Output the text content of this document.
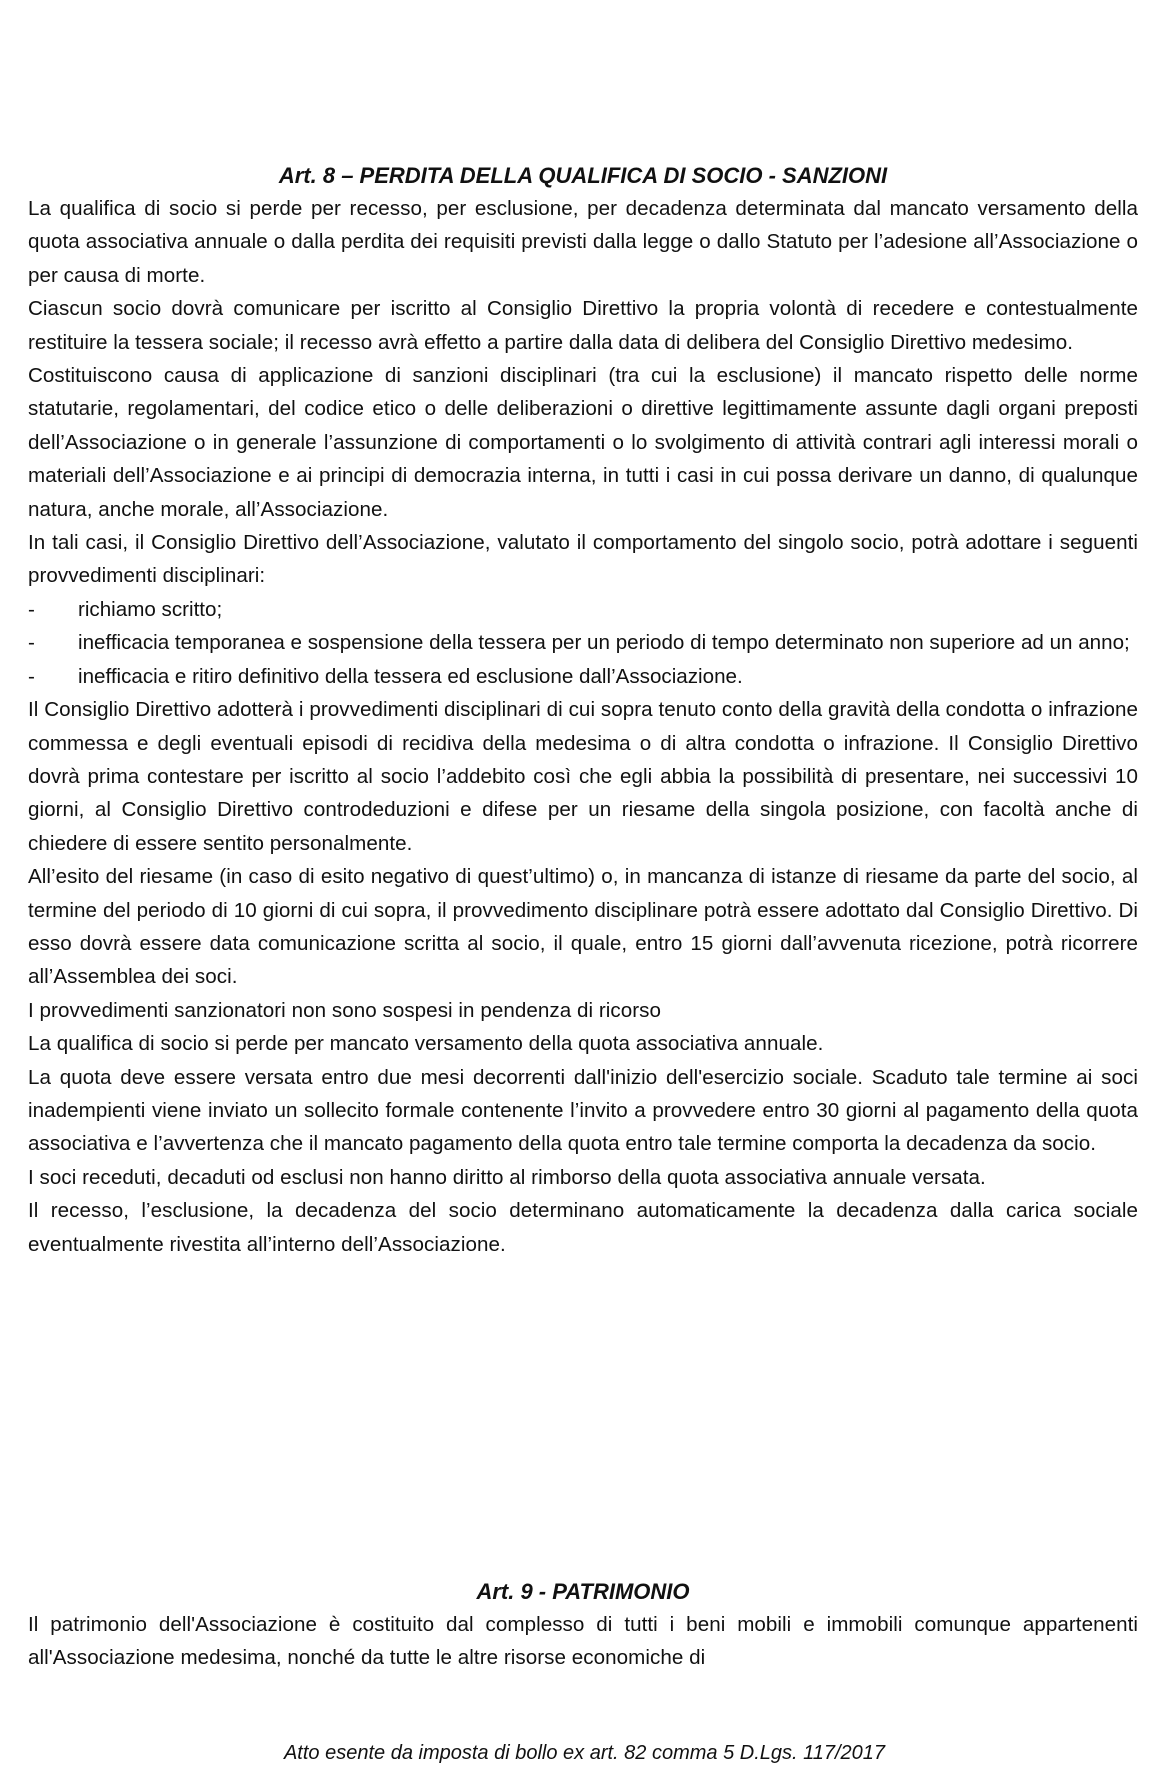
Art. 8 – PERDITA DELLA QUALIFICA DI SOCIO - SANZIONI

La qualifica di socio si perde per recesso, per esclusione, per decadenza determinata dal mancato versamento della quota associativa annuale o dalla perdita dei requisiti previsti dalla legge o dallo Statuto per l’adesione all’Associazione o per causa di morte.

Ciascun socio dovrà comunicare per iscritto al Consiglio Direttivo la propria volontà di recedere e contestualmente restituire la tessera sociale; il recesso avrà effetto a partire dalla data di delibera del Consiglio Direttivo medesimo.

Costituiscono causa di applicazione di sanzioni disciplinari (tra cui la esclusione) il mancato rispetto delle norme statutarie, regolamentari, del codice etico o delle deliberazioni o direttive legittimamente assunte dagli organi preposti dell’Associazione o in generale l’assunzione di comportamenti o lo svolgimento di attività contrari agli interessi morali o materiali dell’Associazione e ai principi di democrazia interna, in tutti i casi in cui possa derivare un danno, di qualunque natura, anche morale, all’Associazione.

In tali casi, il Consiglio Direttivo dell’Associazione, valutato il comportamento del singolo socio, potrà adottare i seguenti provvedimenti disciplinari:

-	richiamo scritto;
-	inefficacia temporanea e sospensione della tessera per un periodo di tempo determinato non superiore ad un anno;
-	inefficacia e ritiro definitivo della tessera ed esclusione dall’Associazione.

Il Consiglio Direttivo adotterà i provvedimenti disciplinari di cui sopra tenuto conto della gravità della condotta o infrazione commessa e degli eventuali episodi di recidiva della medesima o di altra condotta o infrazione. Il Consiglio Direttivo dovrà prima contestare per iscritto al socio l’addebito così che egli abbia la possibilità di presentare, nei successivi 10 giorni, al Consiglio Direttivo controdeduzioni e difese per un riesame della singola posizione, con facoltà anche di chiedere di essere sentito personalmente.

All’esito del riesame (in caso di esito negativo di quest’ultimo) o, in mancanza di istanze di riesame da parte del socio, al termine del periodo di 10 giorni di cui sopra, il provvedimento disciplinare potrà essere adottato dal Consiglio Direttivo. Di esso dovrà essere data comunicazione scritta al socio, il quale, entro 15 giorni dall’avvenuta ricezione, potrà ricorrere all’Assemblea dei soci.

I provvedimenti sanzionatori non sono sospesi in pendenza di ricorso

La qualifica di socio si perde per mancato versamento della quota associativa annuale.

La quota deve essere versata entro due mesi decorrenti dall'inizio dell'esercizio sociale. Scaduto tale termine ai soci inadempienti viene inviato un sollecito formale contenente l’invito a provvedere entro 30 giorni al pagamento della quota associativa e l’avvertenza che il mancato pagamento della quota entro tale termine comporta la decadenza da socio.

I soci receduti, decaduti od esclusi non hanno diritto al rimborso della quota associativa annuale versata.

Il recesso, l’esclusione, la decadenza del socio determinano automaticamente la decadenza dalla carica sociale eventualmente rivestita all’interno dell’Associazione.

Art. 9 - PATRIMONIO

Il patrimonio dell'Associazione è costituito dal complesso di tutti i beni mobili e immobili comunque appartenenti all'Associazione medesima, nonché da tutte le altre risorse economiche di

Atto esente da imposta di bollo ex art. 82 comma 5 D.Lgs. 117/2017
